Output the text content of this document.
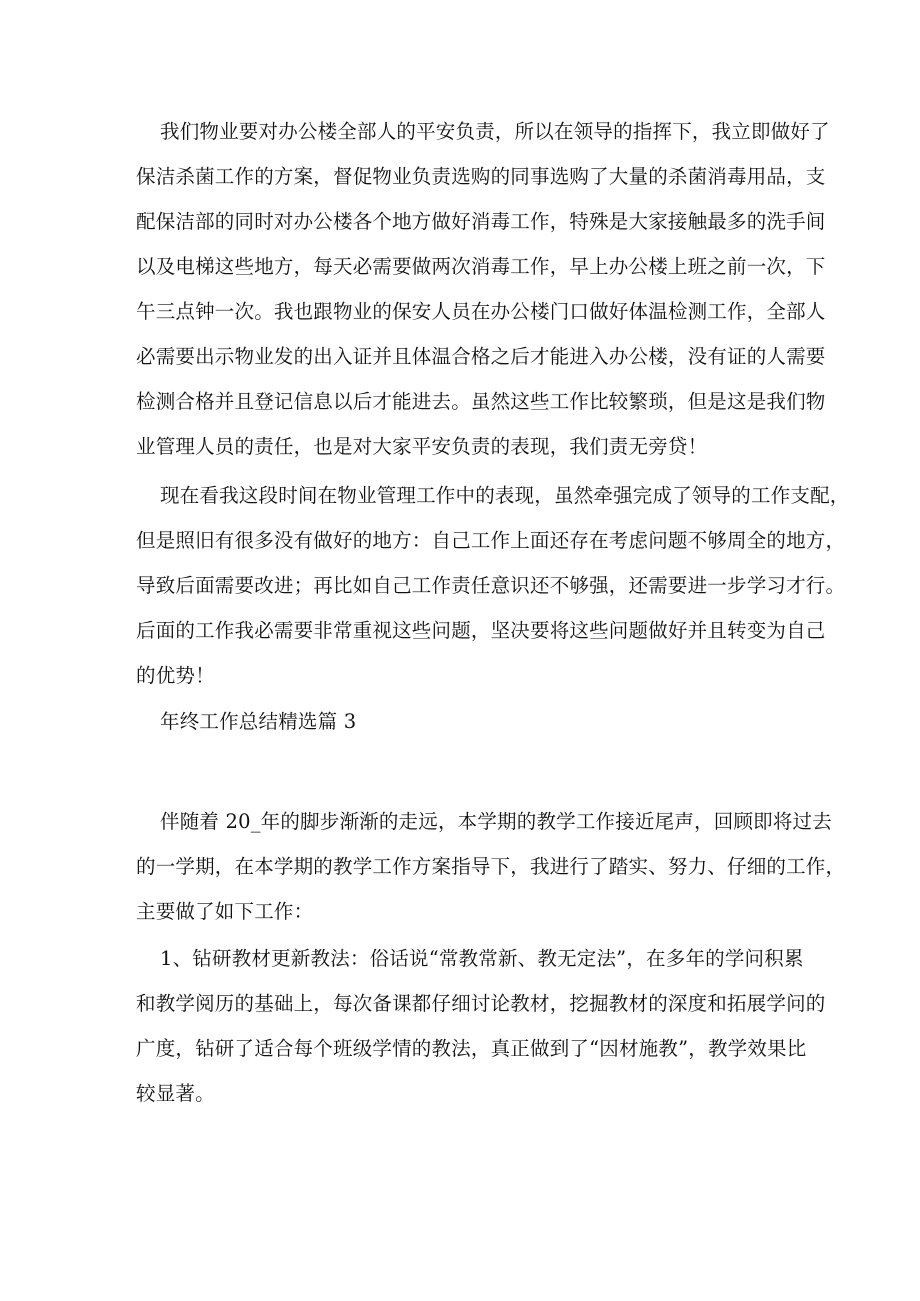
我们物业要对办公楼全部人的平安负责，所以在领导的指挥下，我立即做好了
保洁杀菌工作的方案，督促物业负责选购的同事选购了大量的杀菌消毒用品，支
配保洁部的同时对办公楼各个地方做好消毒工作，特殊是大家接触最多的洗手间
以及电梯这些地方，每天必需要做两次消毒工作，早上办公楼上班之前一次，下
午三点钟一次。我也跟物业的保安人员在办公楼门口做好体温检测工作，全部人
必需要出示物业发的出入证并且体温合格之后才能进入办公楼，没有证的人需要
检测合格并且登记信息以后才能进去。虽然这些工作比较繁琐，但是这是我们物
业管理人员的责任，也是对大家平安负责的表现，我们责无旁贷！
现在看我这段时间在物业管理工作中的表现，虽然牵强完成了领导的工作支配，
但是照旧有很多没有做好的地方：自己工作上面还存在考虑问题不够周全的地方，
导致后面需要改进；再比如自己工作责任意识还不够强，还需要进一步学习才行。
后面的工作我必需要非常重视这些问题，坚决要将这些问题做好并且转变为自己
的优势！
年终工作总结精选篇 3
伴随着 20_年的脚步渐渐的走远，本学期的教学工作接近尾声，回顾即将过去
的一学期，在本学期的教学工作方案指导下，我进行了踏实、努力、仔细的工作，
主要做了如下工作：
1、钻研教材更新教法：俗话说“常教常新、教无定法”，在多年的学问积累
和教学阅历的基础上，每次备课都仔细讨论教材，挖掘教材的深度和拓展学问的
广度，钻研了适合每个班级学情的教法，真正做到了“因材施教”，教学效果比
较显著。
